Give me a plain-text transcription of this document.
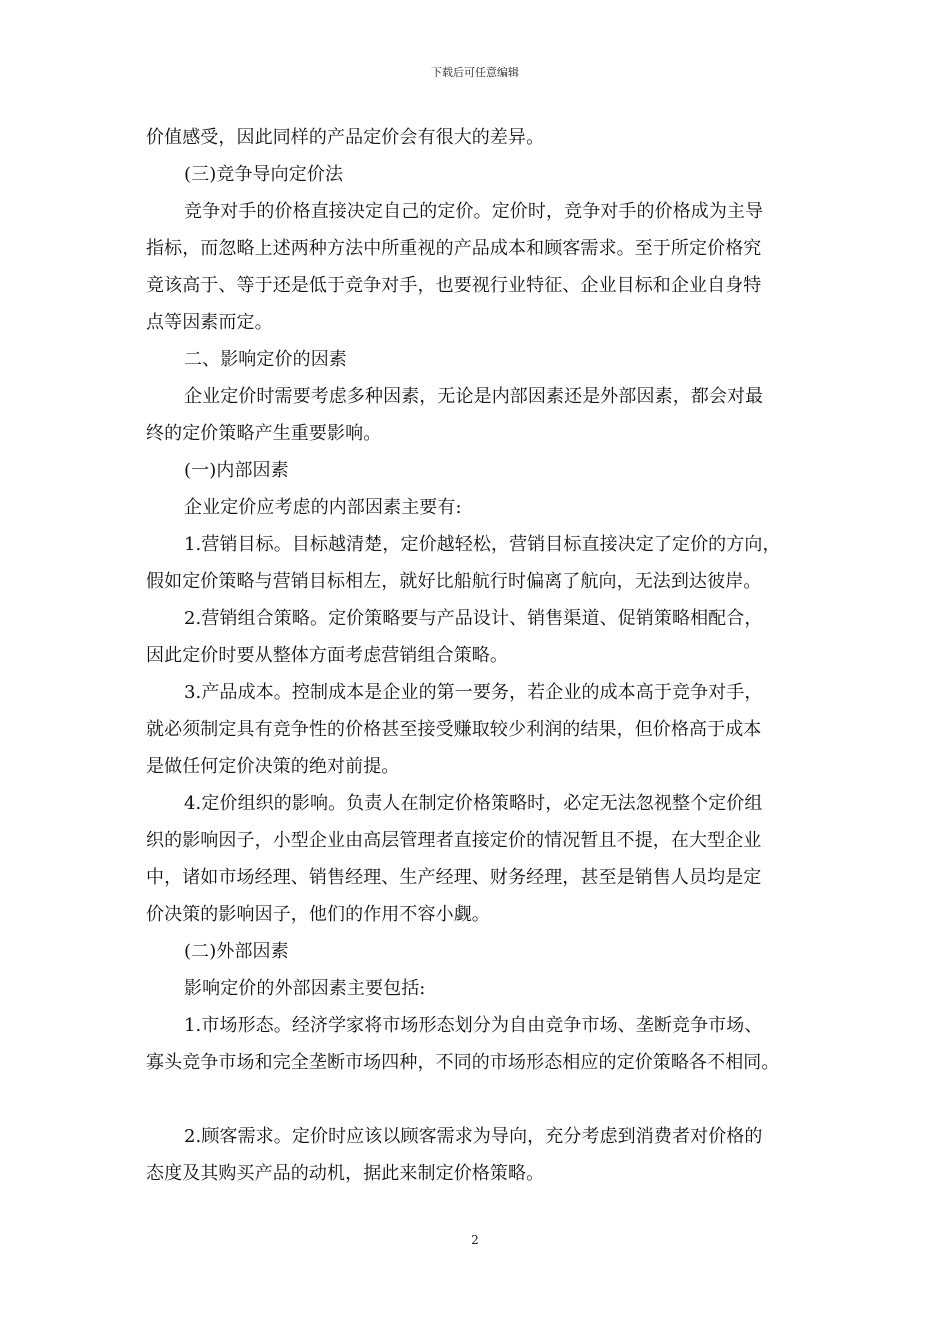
下载后可任意编辑
价值感受，因此同样的产品定价会有很大的差异。
(三)竞争导向定价法
竞争对手的价格直接决定自己的定价。定价时，竞争对手的价格成为主导
指标，而忽略上述两种方法中所重视的产品成本和顾客需求。至于所定价格究
竟该高于、等于还是低于竞争对手，也要视行业特征、企业目标和企业自身特
点等因素而定。
二、影响定价的因素
企业定价时需要考虑多种因素，无论是内部因素还是外部因素，都会对最
终的定价策略产生重要影响。
(一)内部因素
企业定价应考虑的内部因素主要有:
1.营销目标。目标越清楚，定价越轻松，营销目标直接决定了定价的方向，
假如定价策略与营销目标相左，就好比船航行时偏离了航向，无法到达彼岸。
2.营销组合策略。定价策略要与产品设计、销售渠道、促销策略相配合，
因此定价时要从整体方面考虑营销组合策略。
3.产品成本。控制成本是企业的第一要务，若企业的成本高于竞争对手，
就必须制定具有竞争性的价格甚至接受赚取较少利润的结果，但价格高于成本
是做任何定价决策的绝对前提。
4.定价组织的影响。负责人在制定价格策略时，必定无法忽视整个定价组
织的影响因子，小型企业由高层管理者直接定价的情况暂且不提，在大型企业
中，诸如市场经理、销售经理、生产经理、财务经理，甚至是销售人员均是定
价决策的影响因子，他们的作用不容小觑。
(二)外部因素
影响定价的外部因素主要包括:
1.市场形态。经济学家将市场形态划分为自由竞争市场、垄断竞争市场、
寡头竞争市场和完全垄断市场四种，不同的市场形态相应的定价策略各不相同。
2.顾客需求。定价时应该以顾客需求为导向，充分考虑到消费者对价格的
态度及其购买产品的动机，据此来制定价格策略。
2
